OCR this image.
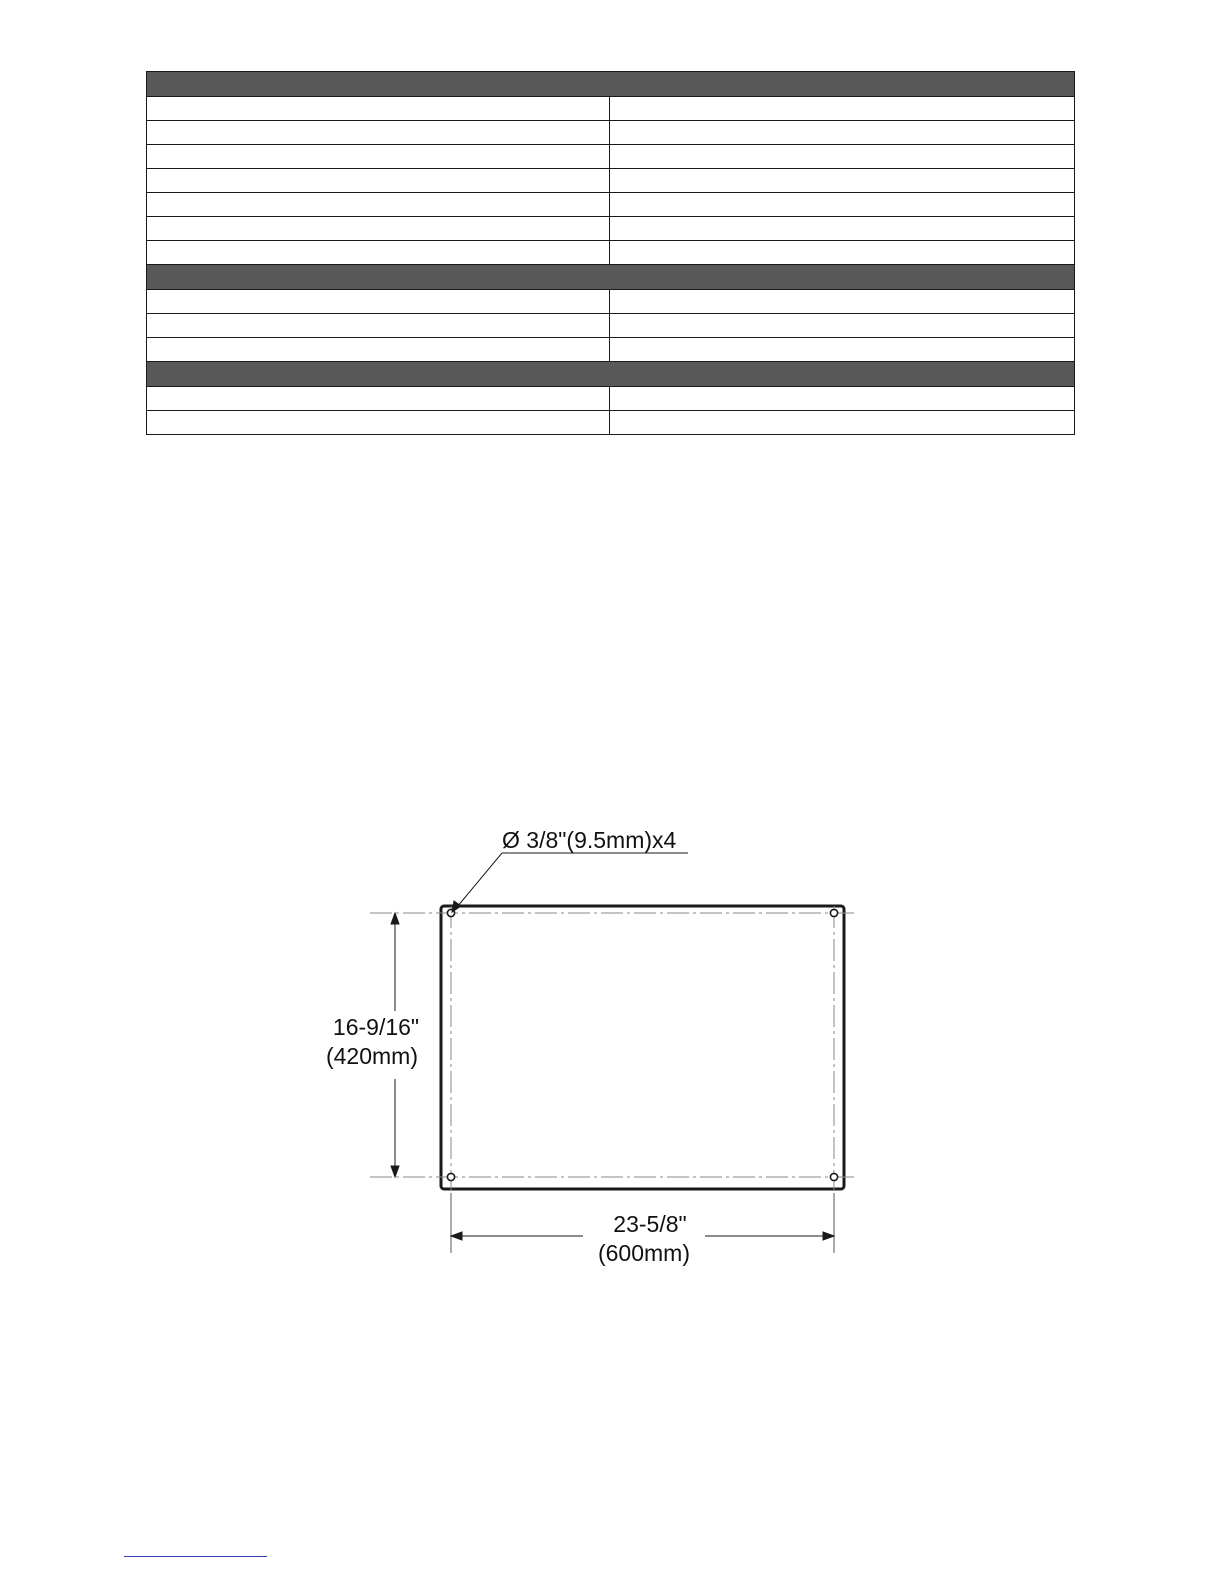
Ø 3/8"(9.5mm)x4
16-9/16"
(420mm)
23-5/8"
(600mm)
